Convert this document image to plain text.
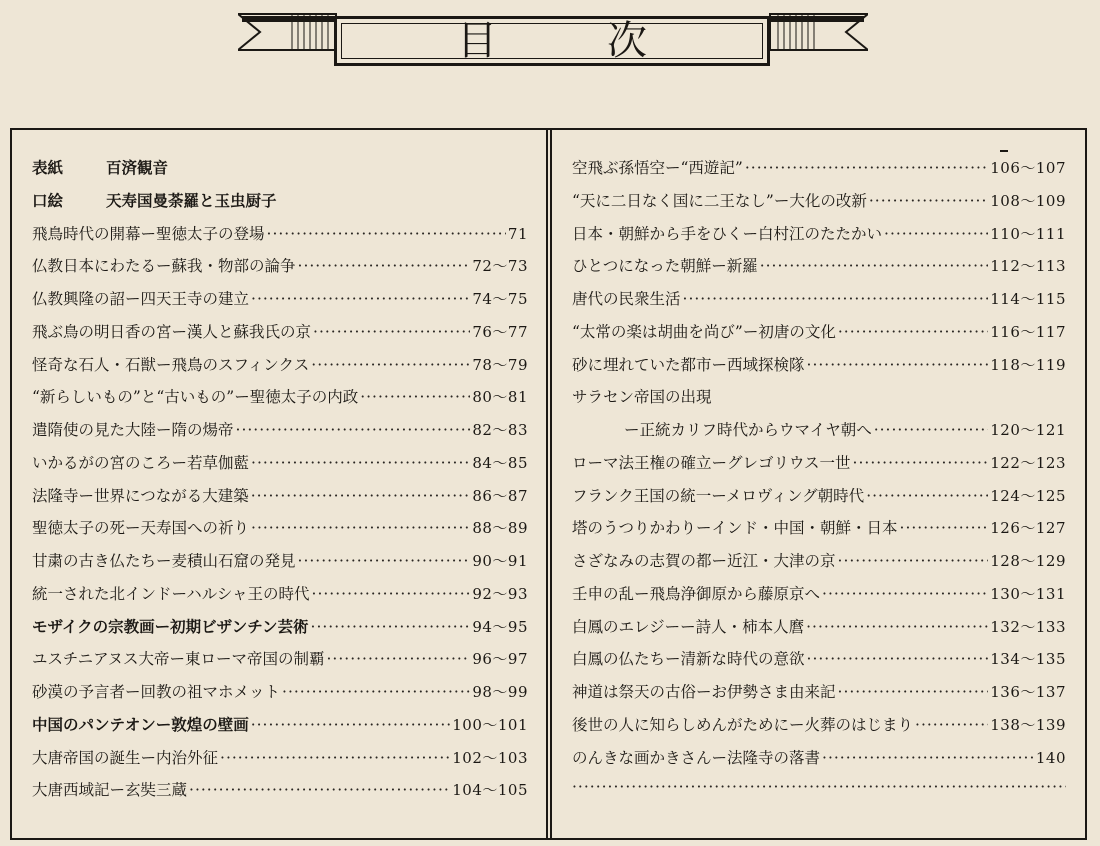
目次
表紙	百済観音
口絵	天寿国曼荼羅と玉虫厨子
飛鳥時代の開幕ー聖徳太子の登場 ·····	71
仏教日本にわたるー蘇我・物部の論争 ·····	72～73
仏教興隆の詔ー四天王寺の建立 ·····	74～75
飛ぶ鳥の明日香の宮ー漢人と蘇我氏の京 ·····	76～77
怪奇な石人・石獣ー飛鳥のスフィンクス ·····	78～79
“新らしいもの”と“古いもの”ー聖徳太子の内政 ·····	80～81
遣隋使の見た大陸ー隋の煬帝 ·····	82～83
いかるがの宮のころー若草伽藍 ·····	84～85
法隆寺ー世界につながる大建築 ·····	86～87
聖徳太子の死ー天寿国への祈り ·····	88～89
甘粛の古き仏たちー麦積山石窟の発見 ·····	90～91
統一された北インドーハルシャ王の時代 ·····	92～93
モザイクの宗教画ー初期ビザンチン芸術 ·····	94～95
ユスチニアヌス大帝ー東ローマ帝国の制覇 ·····	96～97
砂漠の予言者ー回教の祖マホメット ·····	98～99
中国のパンテオンー敦煌の壁画 ·····	100～101
大唐帝国の誕生ー内治外征 ·····	102～103
大唐西域記ー玄奘三蔵 ·····	104～105
空飛ぶ孫悟空ー“西遊記” ·····	106～107
“天に二日なく国に二王なし”ー大化の改新 ·····	108～109
日本・朝鮮から手をひくー白村江のたたかい ·····	110～111
ひとつになった朝鮮ー新羅 ·····	112～113
唐代の民衆生活 ·····	114～115
“太常の楽は胡曲を尚び”ー初唐の文化 ·····	116～117
砂に埋れていた都市ー西域探検隊 ·····	118～119
サラセン帝国の出現
ー正統カリフ時代からウマイヤ朝へ ·····	120～121
ローマ法王権の確立ーグレゴリウス一世 ·····	122～123
フランク王国の統一ーメロヴィング朝時代 ·····	124～125
塔のうつりかわりーインド・中国・朝鮮・日本 ·····	126～127
さざなみの志賀の都ー近江・大津の京 ·····	128～129
壬申の乱ー飛鳥浄御原から藤原京へ ·····	130～131
白鳳のエレジーー詩人・柿本人麿 ·····	132～133
白鳳の仏たちー清新な時代の意欲 ·····	134～135
神道は祭天の古俗ーお伊勢さま由来記 ·····	136～137
後世の人に知らしめんがためにー火葬のはじまり ·····	138～139
のんきな画かきさんー法隆寺の落書 ·····	140
·····
